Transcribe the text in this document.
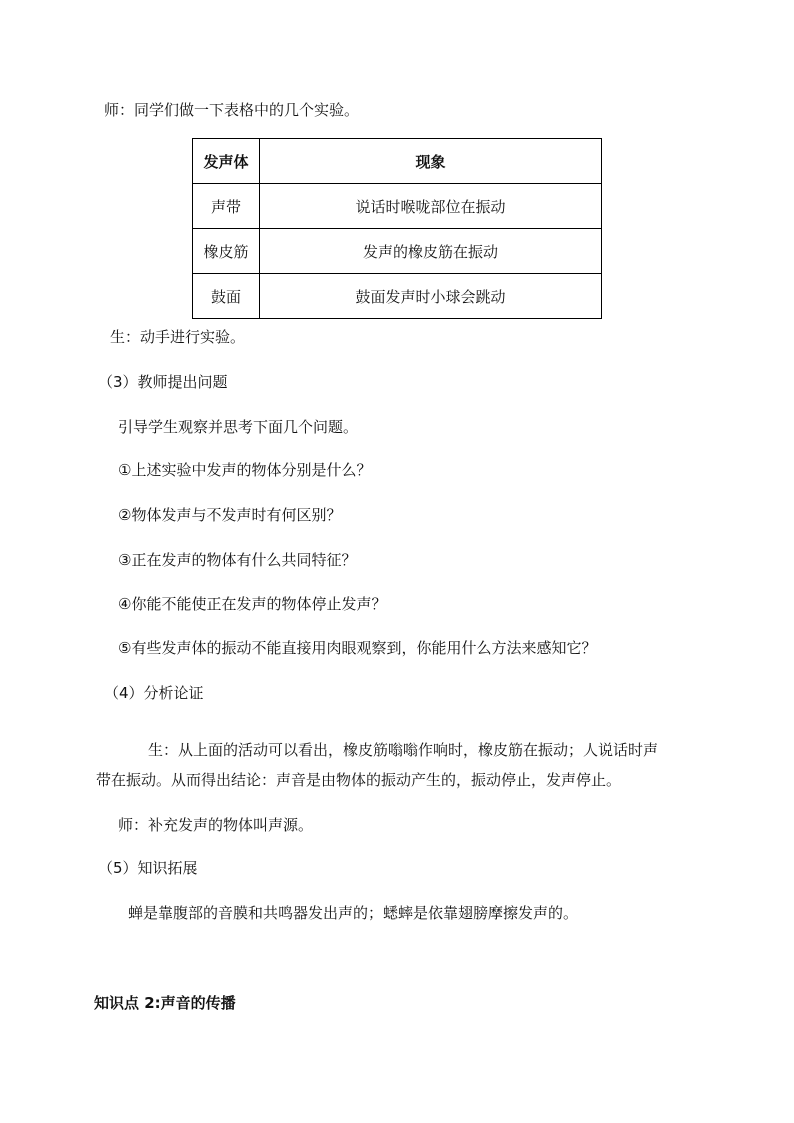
师：同学们做一下表格中的几个实验。
发声体	现象
声带	说话时喉咙部位在振动
橡皮筋	发声的橡皮筋在振动
鼓面	鼓面发声时小球会跳动
生：动手进行实验。
（3）教师提出问题
引导学生观察并思考下面几个问题。
①上述实验中发声的物体分别是什么？
②物体发声与不发声时有何区别？
③正在发声的物体有什么共同特征？
④你能不能使正在发声的物体停止发声？
⑤有些发声体的振动不能直接用肉眼观察到，你能用什么方法来感知它？
（4）分析论证
生：从上面的活动可以看出，橡皮筋嗡嗡作响时，橡皮筋在振动；人说话时声
带在振动。从而得出结论：声音是由物体的振动产生的，振动停止，发声停止。
师：补充发声的物体叫声源。
（5）知识拓展
蝉是靠腹部的音膜和共鸣器发出声的；蟋蟀是依靠翅膀摩擦发声的。
知识点 2:声音的传播
